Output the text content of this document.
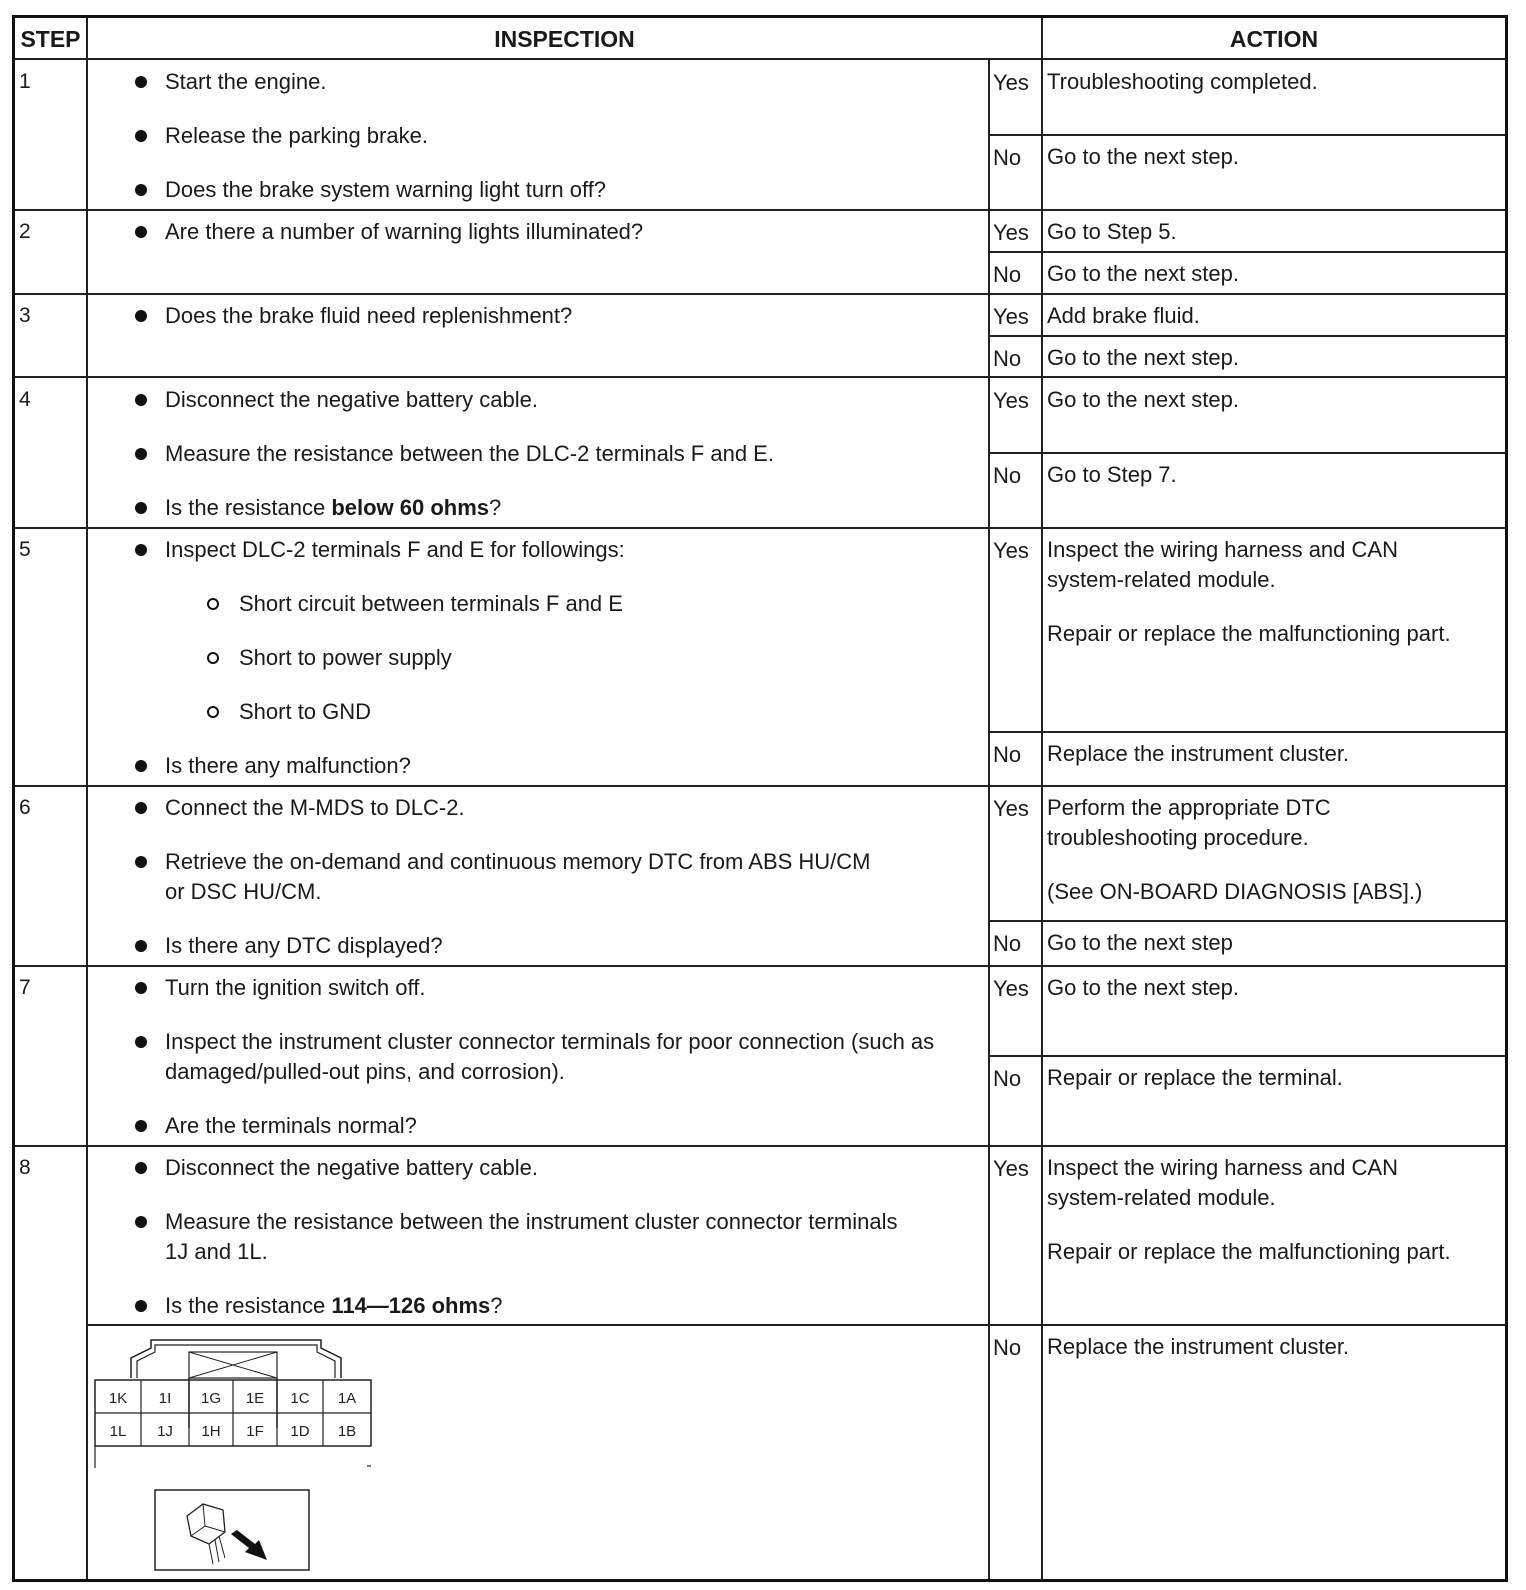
STEP	INSPECTION	ACTION
1	Start the engine.
Release the parking brake.
Does the brake system warning light turn off?
Yes Troubleshooting completed.
No Go to the next step.
2	Are there a number of warning lights illuminated?	Yes Go to Step 5.
No Go to the next step.
3	Does the brake fluid need replenishment?	Yes Add brake fluid.
No Go to the next step.
4	Disconnect the negative battery cable.
Measure the resistance between the DLC-2 terminals F and E.
Is the resistance below 60 ohms?
Yes Go to the next step.
No Go to Step 7.
5	Inspect DLC-2 terminals F and E for followings:
Short circuit between terminals F and E
Short to power supply
Short to GND
Is there any malfunction?
Yes Inspect the wiring harness and CAN system-related module.

Repair or replace the malfunctioning part.

No Replace the instrument cluster.
6	Connect the M-MDS to DLC-2.
Retrieve the on-demand and continuous memory DTC from ABS HU/CM or DSC HU/CM.
Is there any DTC displayed?
Yes Perform the appropriate DTC troubleshooting procedure.

(See ON-BOARD DIAGNOSIS [ABS].)

No Go to the next step
7	Turn the ignition switch off.
Inspect the instrument cluster connector terminals for poor connection (such as damaged/pulled-out pins, and corrosion).
Are the terminals normal?
Yes Go to the next step.
No Repair or replace the terminal.
8	Disconnect the negative battery cable.
Measure the resistance between the instrument cluster connector terminals 1J and 1L.
Is the resistance 114—126 ohms?
Yes Inspect the wiring harness and CAN system-related module.

Repair or replace the malfunctioning part.

No Replace the instrument cluster.
1K 1I 1G 1E 1C 1A
1L 1J 1H 1F 1D 1B
